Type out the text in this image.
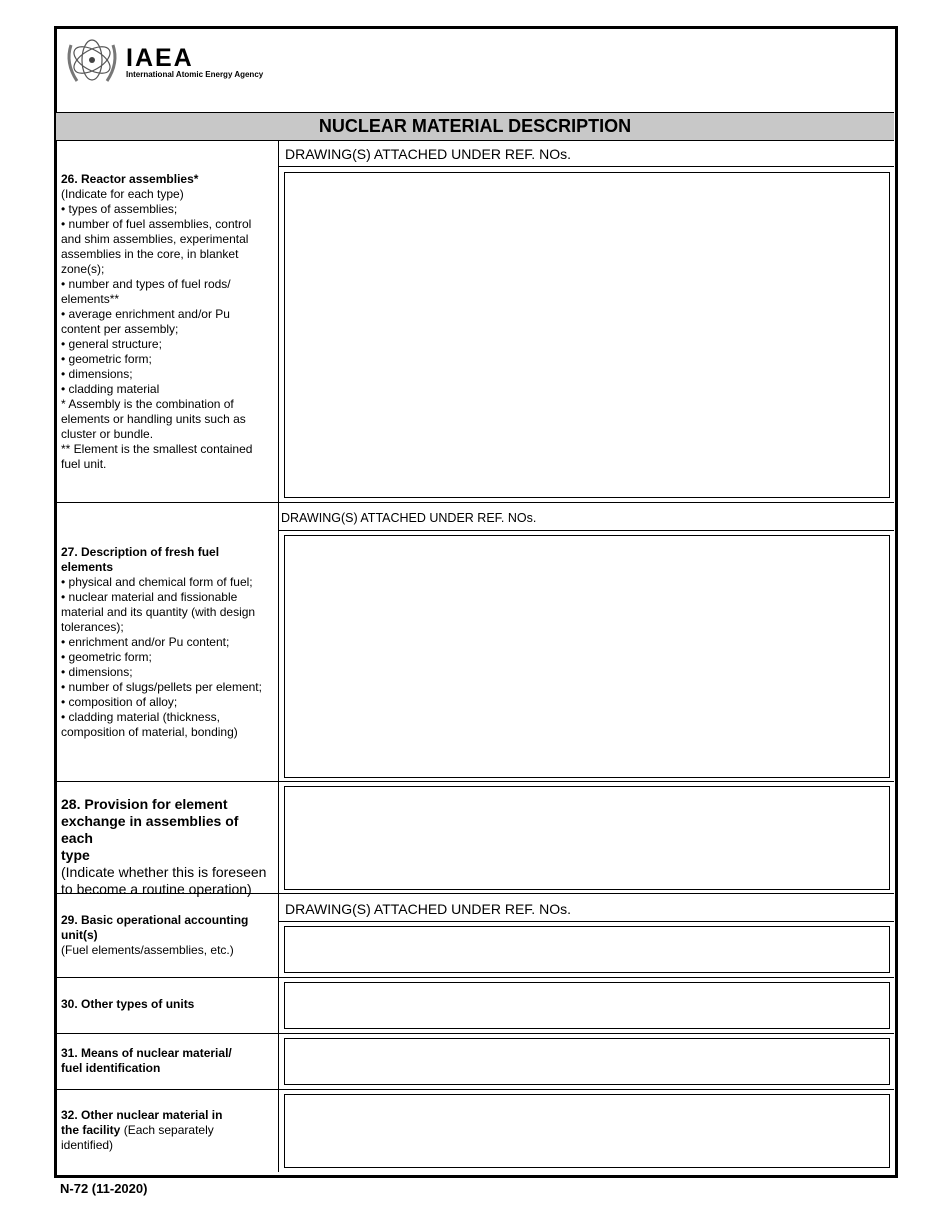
IAEA
International Atomic Energy Agency
NUCLEAR MATERIAL DESCRIPTION
DRAWING(S) ATTACHED UNDER REF. NOs.
26. Reactor assemblies*
(Indicate for each type)
• types of assemblies;
• number of fuel assemblies, control
and shim assemblies, experimental
assemblies in the core, in blanket
zone(s);
• number and types of fuel rods/
elements**
• average enrichment and/or Pu
content per assembly;
• general structure;
• geometric form;
• dimensions;
• cladding material
* Assembly is the combination of
elements or handling units such as
cluster or bundle.
** Element is the smallest contained
fuel unit.
DRAWING(S) ATTACHED UNDER REF. NOs.
27. Description of fresh fuel
elements
• physical and chemical form of fuel;
• nuclear material and fissionable
material and its quantity (with design
tolerances);
• enrichment and/or Pu content;
• geometric form;
• dimensions;
• number of slugs/pellets per element;
• composition of alloy;
• cladding material (thickness,
composition of material, bonding)
28. Provision for element
exchange in assemblies of each
type
(Indicate whether this is foreseen
to become a routine operation)
DRAWING(S) ATTACHED UNDER REF. NOs.
29. Basic operational accounting
unit(s)
(Fuel elements/assemblies, etc.)
30. Other types of units
31. Means of nuclear material/
fuel identification
32. Other nuclear material in
the facility (Each separately
identified)
N-72 (11-2020)
